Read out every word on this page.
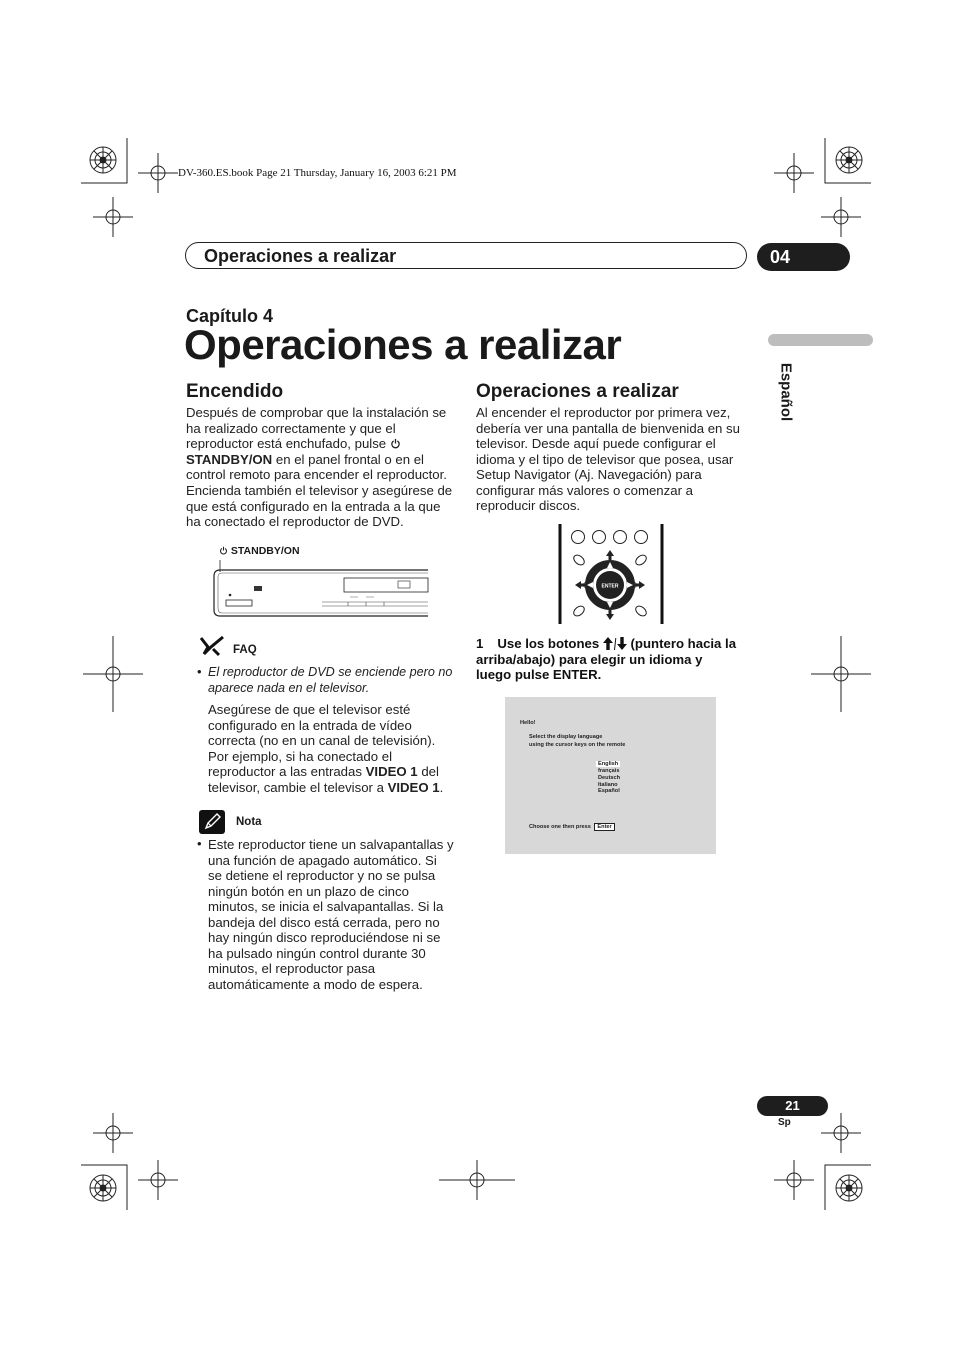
DV-360.ES.book Page 21 Thursday, January 16, 2003 6:21 PM
Operaciones a realizar	04
Español
Capítulo 4
Operaciones a realizar
Encendido
Después de comprobar que la instalación se
ha realizado correctamente y que el
reproductor está enchufado, pulse
STANDBY/ON en el panel frontal o en el
control remoto para encender el reproductor.
Encienda también el televisor y asegúrese de
que está configurado en la entrada a la que
ha conectado el reproductor de DVD.
STANDBY/ON
FAQ
• El reproductor de DVD se enciende pero no
aparece nada en el televisor.
Asegúrese de que el televisor esté
configurado en la entrada de vídeo
correcta (no en un canal de televisión).
Por ejemplo, si ha conectado el
reproductor a las entradas VIDEO 1 del
televisor, cambie el televisor a VIDEO 1.
Nota
• Este reproductor tiene un salvapantallas y
una función de apagado automático. Si
se detiene el reproductor y no se pulsa
ningún botón en un plazo de cinco
minutos, se inicia el salvapantallas. Si la
bandeja del disco está cerrada, pero no
hay ningún disco reproduciéndose ni se
ha pulsado ningún control durante 30
minutos, el reproductor pasa
automáticamente a modo de espera.
Operaciones a realizar
Al encender el reproductor por primera vez,
debería ver una pantalla de bienvenida en su
televisor. Desde aquí puede configurar el
idioma y el tipo de televisor que posea, usar
Setup Navigator (Aj. Navegación) para
configurar más valores o comenzar a
reproducir discos.
ENTER
1 Use los botones  (puntero hacia la
arriba/abajo) para elegir un idioma y
luego pulse ENTER.
Hello!
Select the display language
using the cursor keys on the remote
English
français
Deutsch
Italiano
Español
Choose one then press Enter
21
Sp
